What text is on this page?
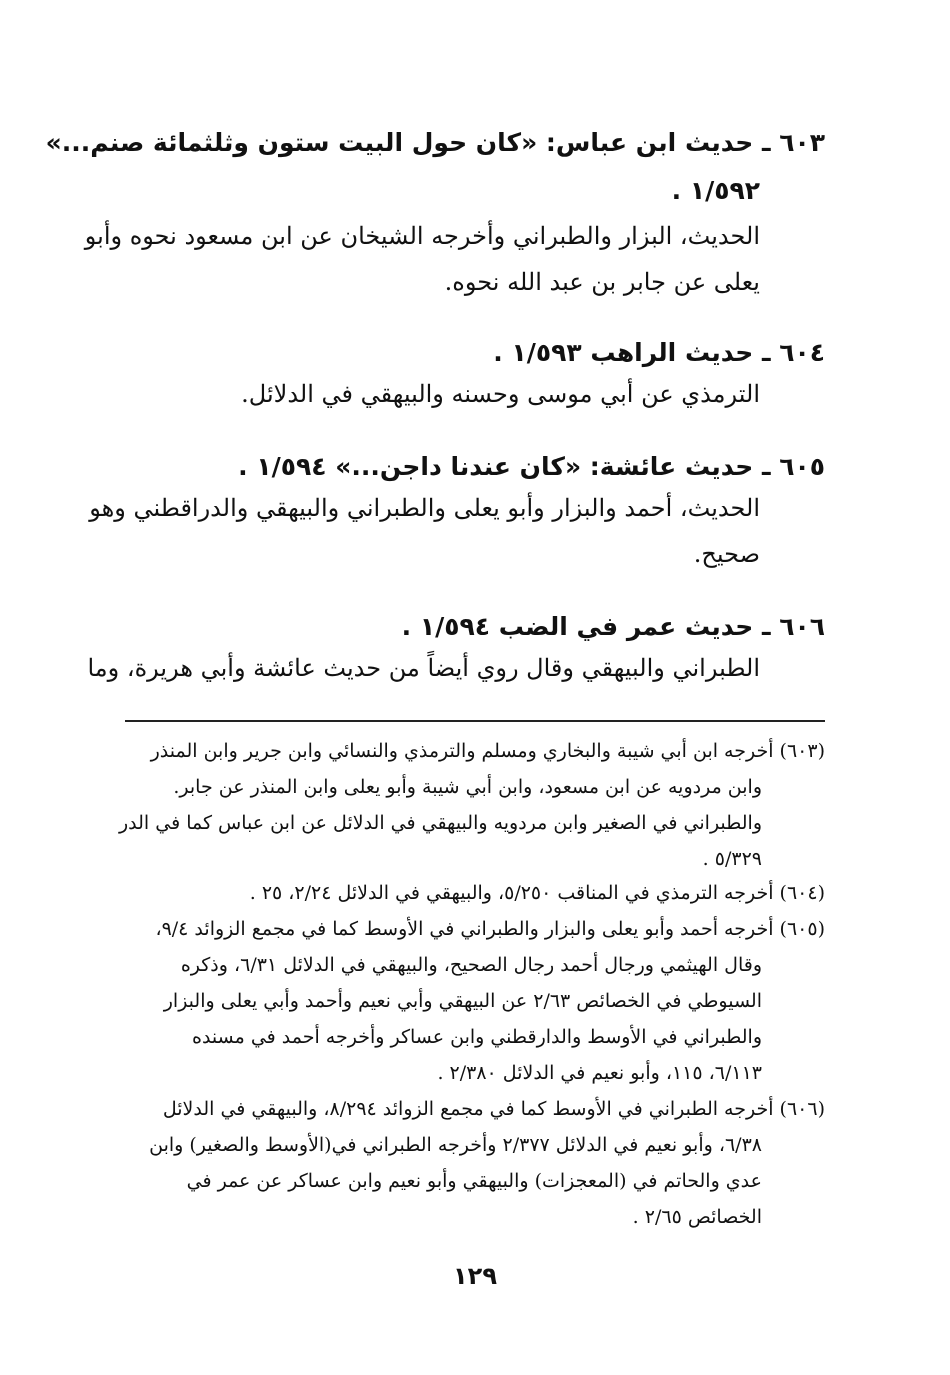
٦٠٣ ـ حديث ابن عباس: «كان حول البيت ستون وثلثمائة صنم...»

١/٥٩٢ .

الحديث، البزار والطبراني وأخرجه الشيخان عن ابن مسعود نحوه وأبو

يعلى عن جابر بن عبد الله نحوه.

٦٠٤ ـ حديث الراهب ١/٥٩٣ .

الترمذي عن أبي موسى وحسنه والبيهقي في الدلائل.

٦٠٥ ـ حديث عائشة: «كان عندنا داجن...» ١/٥٩٤ .

الحديث، أحمد والبزار وأبو يعلى والطبراني والبيهقي والدراقطني وهو

صحيح.

٦٠٦ ـ حديث عمر في الضب ١/٥٩٤ .

الطبراني والبيهقي وقال روي أيضاً من حديث عائشة وأبي هريرة، وما

(٦٠٣) أخرجه ابن أبي شيبة والبخاري ومسلم والترمذي والنسائي وابن جرير وابن المنذر

وابن مردويه عن ابن مسعود، وابن أبي شيبة وأبو يعلى وابن المنذر عن جابر.

والطبراني في الصغير وابن مردويه والبيهقي في الدلائل عن ابن عباس كما في الدر

٥/٣٢٩ .

(٦٠٤) أخرجه الترمذي في المناقب ٥/٢٥٠، والبيهقي في الدلائل ٢/٢٤، ٢٥ .

(٦٠٥) أخرجه أحمد وأبو يعلى والبزار والطبراني في الأوسط كما في مجمع الزوائد ٩/٤،

وقال الهيثمي ورجال أحمد رجال الصحيح، والبيهقي في الدلائل ٦/٣١، وذكره

السيوطي في الخصائص ٢/٦٣ عن البيهقي وأبي نعيم وأحمد وأبي يعلى والبزار

والطبراني في الأوسط والدارقطني وابن عساكر وأخرجه أحمد في مسنده

٦/١١٣، ١١٥، وأبو نعيم في الدلائل ٢/٣٨٠ .

(٦٠٦) أخرجه الطبراني في الأوسط كما في مجمع الزوائد ٨/٢٩٤، والبيهقي في الدلائل

٦/٣٨، وأبو نعيم في الدلائل ٢/٣٧٧ وأخرجه الطبراني في(الأوسط والصغير) وابن

عدي والحاتم في (المعجزات) والبيهقي وأبو نعيم وابن عساكر عن عمر في

الخصائص ٢/٦٥ .

١٢٩
